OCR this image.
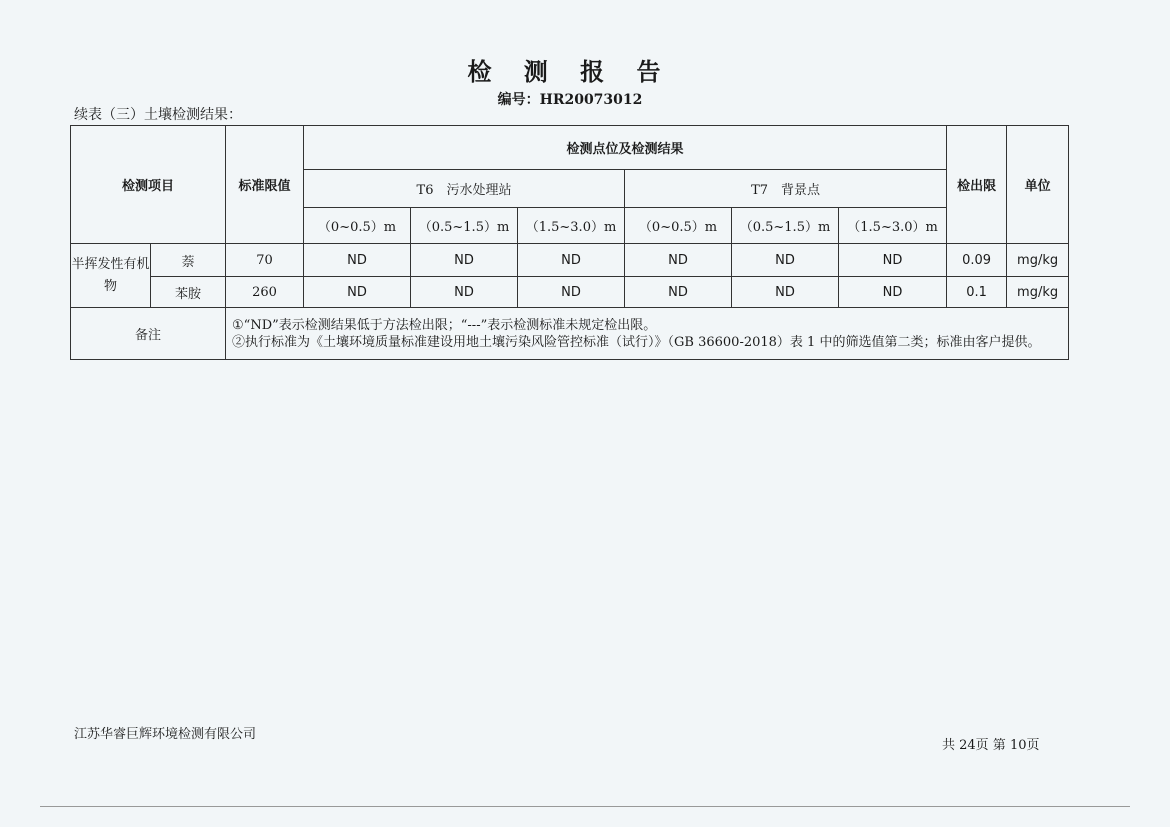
检 测 报 告
编号：HR20073012
续表（三）土壤检测结果：
检测项目		标准限值	检测点位及检测结果						检出限	单位
			T6　污水处理站			T7　背景点				
			（0~0.5）m	（0.5~1.5）m	（1.5~3.0）m	（0~0.5）m	（0.5~1.5）m	（1.5~3.0）m		
半挥发性有机物	萘	70	ND	ND	ND	ND	ND	ND	0.09	mg/kg
	苯胺	260	ND	ND	ND	ND	ND	ND	0.1	mg/kg
备注		①“ND”表示检测结果低于方法检出限；“---”表示检测标准未规定检出限。
②执行标准为《土壤环境质量标准建设用地土壤污染风险管控标准（试行）》（GB 36600-2018）表 1 中的筛选值第二类；标准由客户提供。								
江苏华睿巨辉环境检测有限公司
共 24页 第 10页
